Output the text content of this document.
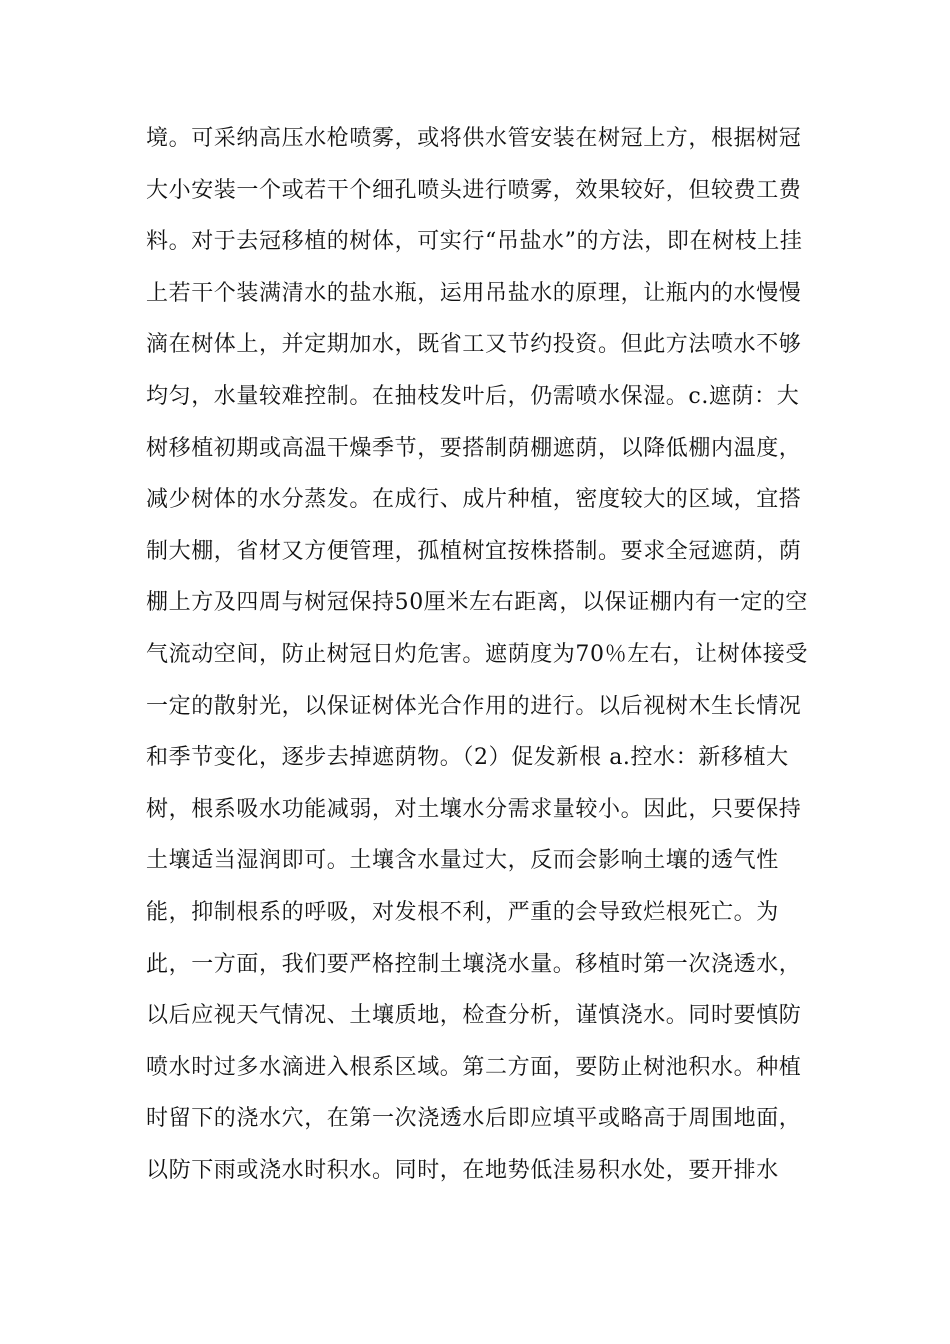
境。可采纳高压水枪喷雾，或将供水管安装在树冠上方，根据树冠
大小安装一个或若干个细孔喷头进行喷雾，效果较好，但较费工费
料。对于去冠移植的树体，可实行“吊盐水”的方法，即在树枝上挂
上若干个装满清水的盐水瓶，运用吊盐水的原理，让瓶内的水慢慢
滴在树体上，并定期加水，既省工又节约投资。但此方法喷水不够
均匀，水量较难控制。在抽枝发叶后，仍需喷水保湿。c.遮荫：大
树移植初期或高温干燥季节，要搭制荫棚遮荫，以降低棚内温度，
减少树体的水分蒸发。在成行、成片种植，密度较大的区域，宜搭
制大棚，省材又方便管理，孤植树宜按株搭制。要求全冠遮荫，荫
棚上方及四周与树冠保持50厘米左右距离，以保证棚内有一定的空
气流动空间，防止树冠日灼危害。遮荫度为70％左右，让树体接受
一定的散射光，以保证树体光合作用的进行。以后视树木生长情况
和季节变化，逐步去掉遮荫物。（2）促发新根 a.控水：新移植大
树，根系吸水功能减弱，对土壤水分需求量较小。因此，只要保持
土壤适当湿润即可。土壤含水量过大，反而会影响土壤的透气性
能，抑制根系的呼吸，对发根不利，严重的会导致烂根死亡。为
此，一方面，我们要严格控制土壤浇水量。移植时第一次浇透水，
以后应视天气情况、土壤质地，检查分析，谨慎浇水。同时要慎防
喷水时过多水滴进入根系区域。第二方面，要防止树池积水。种植
时留下的浇水穴，在第一次浇透水后即应填平或略高于周围地面，
以防下雨或浇水时积水。同时，在地势低洼易积水处，要开排水
